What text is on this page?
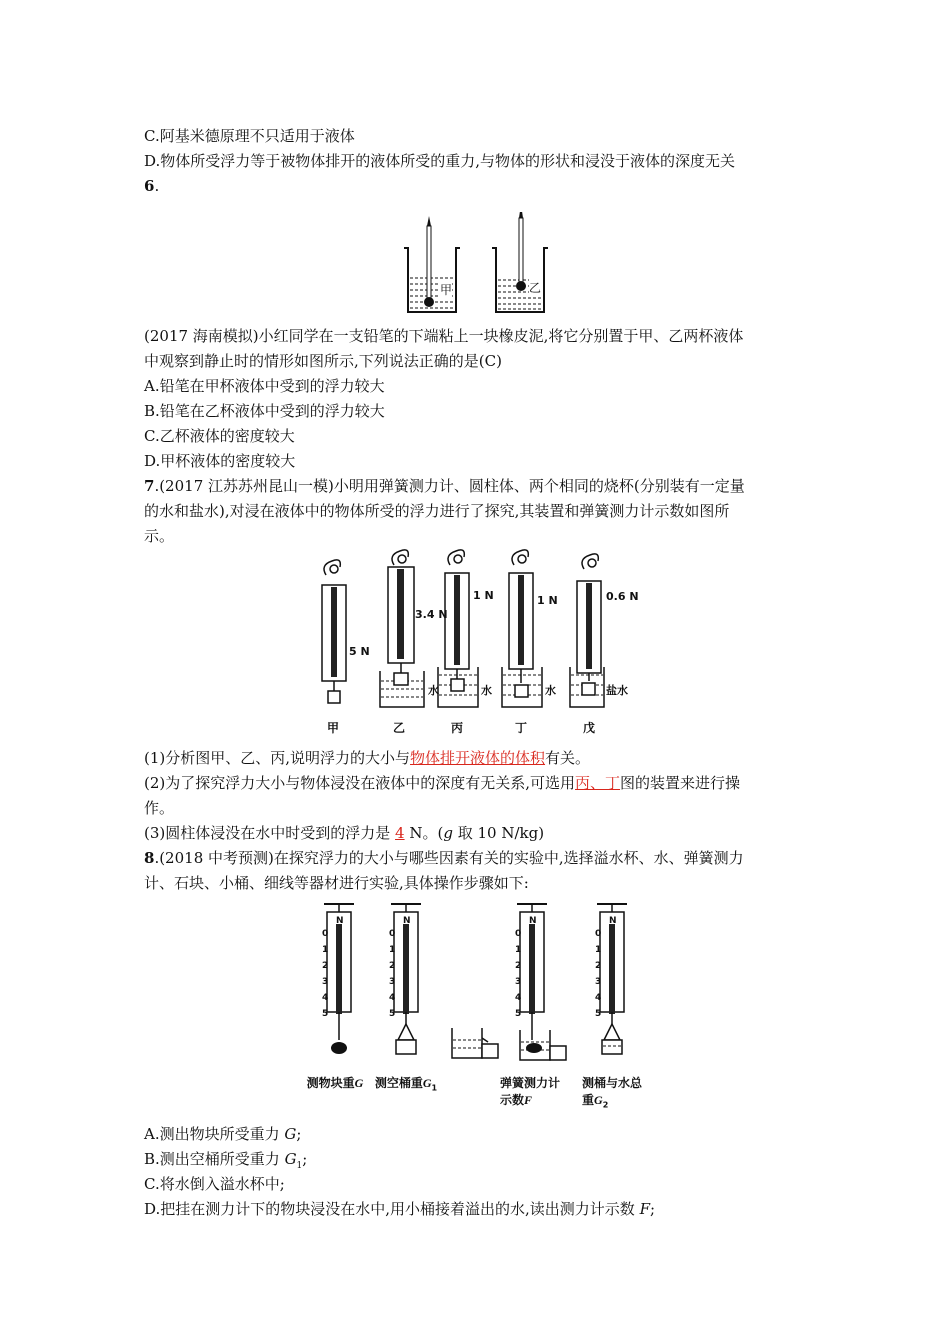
C.阿基米德原理不只适用于液体
D.物体所受浮力等于被物体排开的液体所受的重力,与物体的形状和浸没于液体的深度无关
6.
甲	乙
(2017 海南模拟)小红同学在一支铅笔的下端粘上一块橡皮泥,将它分别置于甲、乙两杯液体
中观察到静止时的情形如图所示,下列说法正确的是(C)
A.铅笔在甲杯液体中受到的浮力较大
B.铅笔在乙杯液体中受到的浮力较大
C.乙杯液体的密度较大
D.甲杯液体的密度较大
7.(2017 江苏苏州昆山一模)小明用弹簧测力计、圆柱体、两个相同的烧杯(分别装有一定量
的水和盐水),对浸在液体中的物体所受的浮力进行了探究,其装置和弹簧测力计示数如图所
示。
5 N
3.4 N
1 N	1 N	0.6 N
水	水	水	盐水
甲	乙	丙	丁	戊
(1)分析图甲、乙、丙,说明浮力的大小与物体排开液体的体积有关。
(2)为了探究浮力大小与物体浸没在液体中的深度有无关系,可选用丙、丁图的装置来进行操
作。
(3)圆柱体浸没在水中时受到的浮力是 4 N。(g 取 10 N/kg)
8.(2018 中考预测)在探究浮力的大小与哪些因素有关的实验中,选择溢水杯、水、弹簧测力
计、石块、小桶、细线等器材进行实验,具体操作步骤如下:
N
0
1
2
3
4
5
N
0
1
2
3
4
5
N
0
1
2
3
4
5
N
0
1
2
3
4
5
测物块重G 测空桶重$G_1$	弹簧测力计
示数F
测桶与水总
重$G_2$
A.测出物块所受重力 G;
B.测出空桶所受重力 $G_1$;
C.将水倒入溢水杯中;
D.把挂在测力计下的物块浸没在水中,用小桶接着溢出的水,读出测力计示数 F;
